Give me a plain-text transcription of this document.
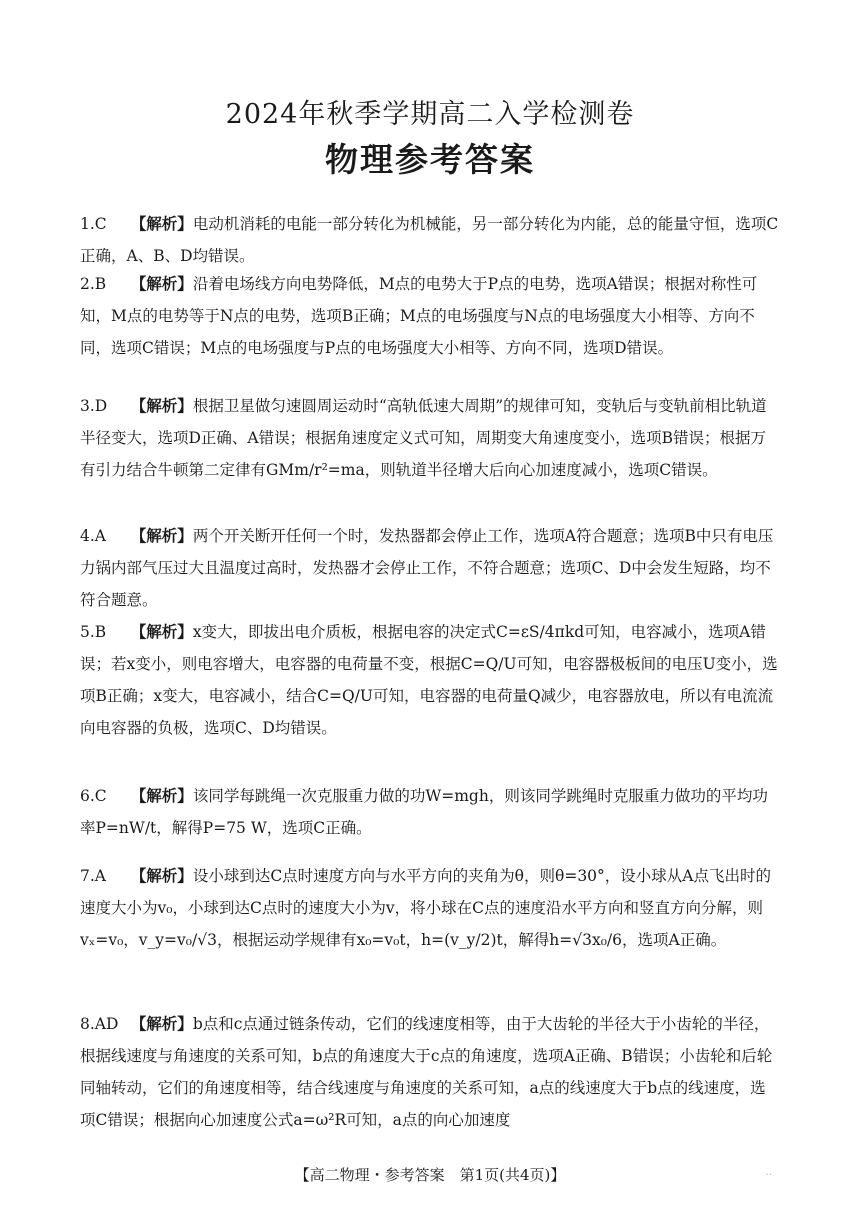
2024年秋季学期高二入学检测卷
物理参考答案
1.C 【解析】电动机消耗的电能一部分转化为机械能，另一部分转化为内能，总的能量守恒，选项C正确，A、B、D均错误。
2.B 【解析】沿着电场线方向电势降低，M点的电势大于P点的电势，选项A错误；根据对称性可知，M点的电势等于N点的电势，选项B正确；M点的电场强度与N点的电场强度大小相等、方向不同，选项C错误；M点的电场强度与P点的电场强度大小相等、方向不同，选项D错误。
3.D 【解析】根据卫星做匀速圆周运动时“高轨低速大周期”的规律可知，变轨后与变轨前相比轨道半径变大，选项D正确、A错误；根据角速度定义式可知，周期变大角速度变小，选项B错误；根据万有引力结合牛顿第二定律有GMm/r²=ma，则轨道半径增大后向心加速度减小，选项C错误。
4.A 【解析】两个开关断开任何一个时，发热器都会停止工作，选项A符合题意；选项B中只有电压力锅内部气压过大且温度过高时，发热器才会停止工作，不符合题意；选项C、D中会发生短路，均不符合题意。
5.B 【解析】x变大，即拔出电介质板，根据电容的决定式C=εS/4πkd可知，电容减小，选项A错误；若x变小，则电容增大，电容器的电荷量不变，根据C=Q/U可知，电容器极板间的电压U变小，选项B正确；x变大，电容减小，结合C=Q/U可知，电容器的电荷量Q减少，电容器放电，所以有电流流向电容器的负极，选项C、D均错误。
6.C 【解析】该同学每跳绳一次克服重力做的功W=mgh，则该同学跳绳时克服重力做功的平均功率P=nW/t，解得P=75 W，选项C正确。
7.A 【解析】设小球到达C点时速度方向与水平方向的夹角为θ，则θ=30°，设小球从A点飞出时的速度大小为v₀，小球到达C点时的速度大小为v，将小球在C点的速度沿水平方向和竖直方向分解，则vₓ=v₀，v_y=v₀/√3，根据运动学规律有x₀=v₀t，h=(v_y/2)t，解得h=√3x₀/6，选项A正确。
8.AD 【解析】b点和c点通过链条传动，它们的线速度相等，由于大齿轮的半径大于小齿轮的半径，根据线速度与角速度的关系可知，b点的角速度大于c点的角速度，选项A正确、B错误；小齿轮和后轮同轴转动，它们的角速度相等，结合线速度与角速度的关系可知，a点的线速度大于b点的线速度，选项C错误；根据向心加速度公式a=ω²R可知，a点的向心加速度
【高二物理・参考答案　第1页(共4页)】	··
